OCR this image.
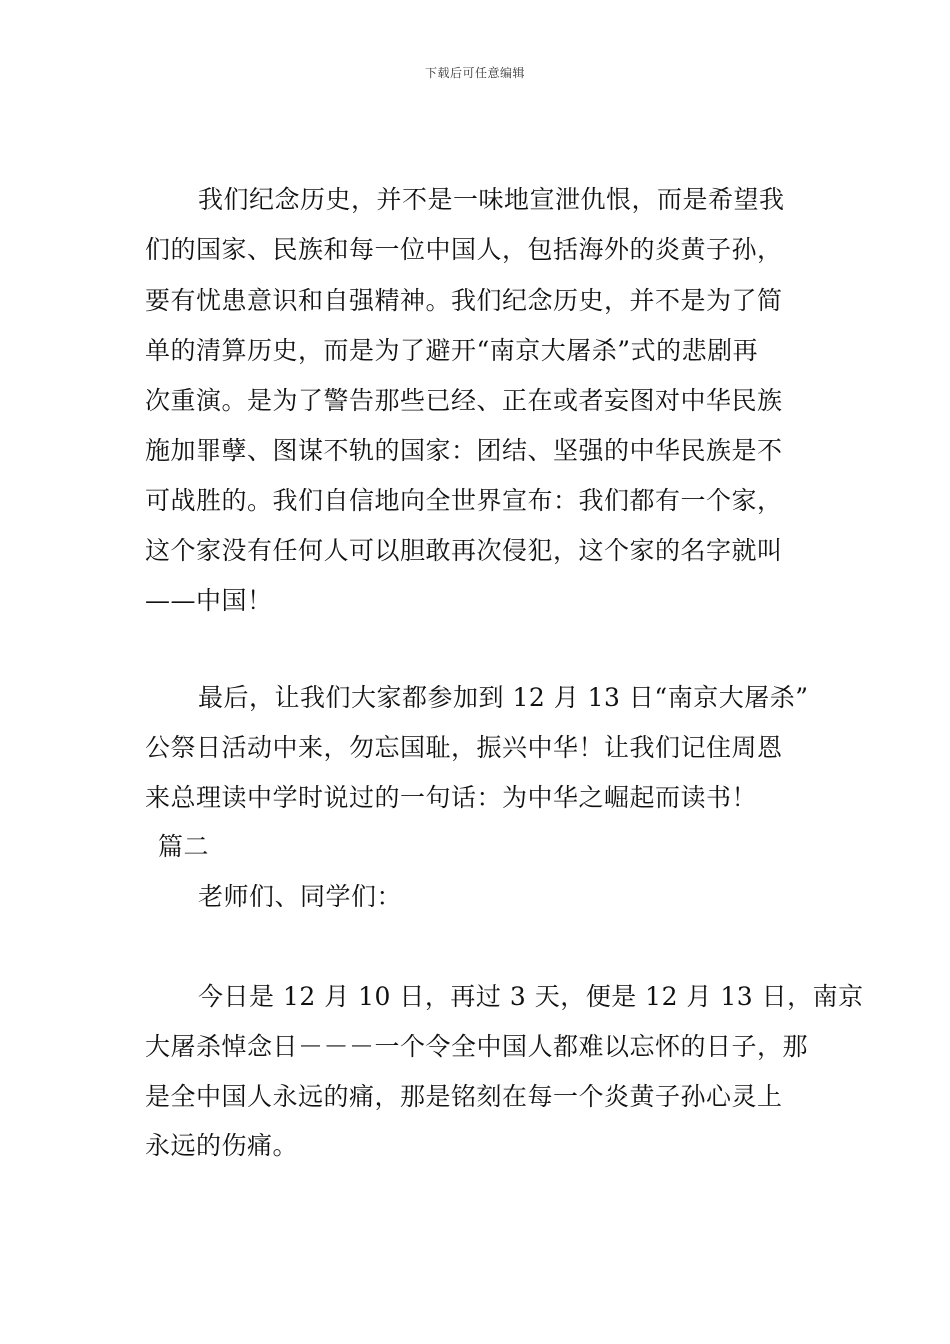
下载后可任意编辑
我们纪念历史，并不是一味地宣泄仇恨，而是希望我
们的国家、民族和每一位中国人，包括海外的炎黄子孙，
要有忧患意识和自强精神。我们纪念历史，并不是为了简
单的清算历史，而是为了避开“南京大屠杀”式的悲剧再
次重演。是为了警告那些已经、正在或者妄图对中华民族
施加罪孽、图谋不轨的国家：团结、坚强的中华民族是不
可战胜的。我们自信地向全世界宣布：我们都有一个家，
这个家没有任何人可以胆敢再次侵犯，这个家的名字就叫
——中国！
最后，让我们大家都参加到 12 月 13 日“南京大屠杀”
公祭日活动中来，勿忘国耻，振兴中华！让我们记住周恩
来总理读中学时说过的一句话：为中华之崛起而读书！
篇二
老师们、同学们：
今日是 12 月 10 日，再过 3 天，便是 12 月 13 日，南京
大屠杀悼念日－－－一个令全中国人都难以忘怀的日子，那
是全中国人永远的痛，那是铭刻在每一个炎黄子孙心灵上
永远的伤痛。
